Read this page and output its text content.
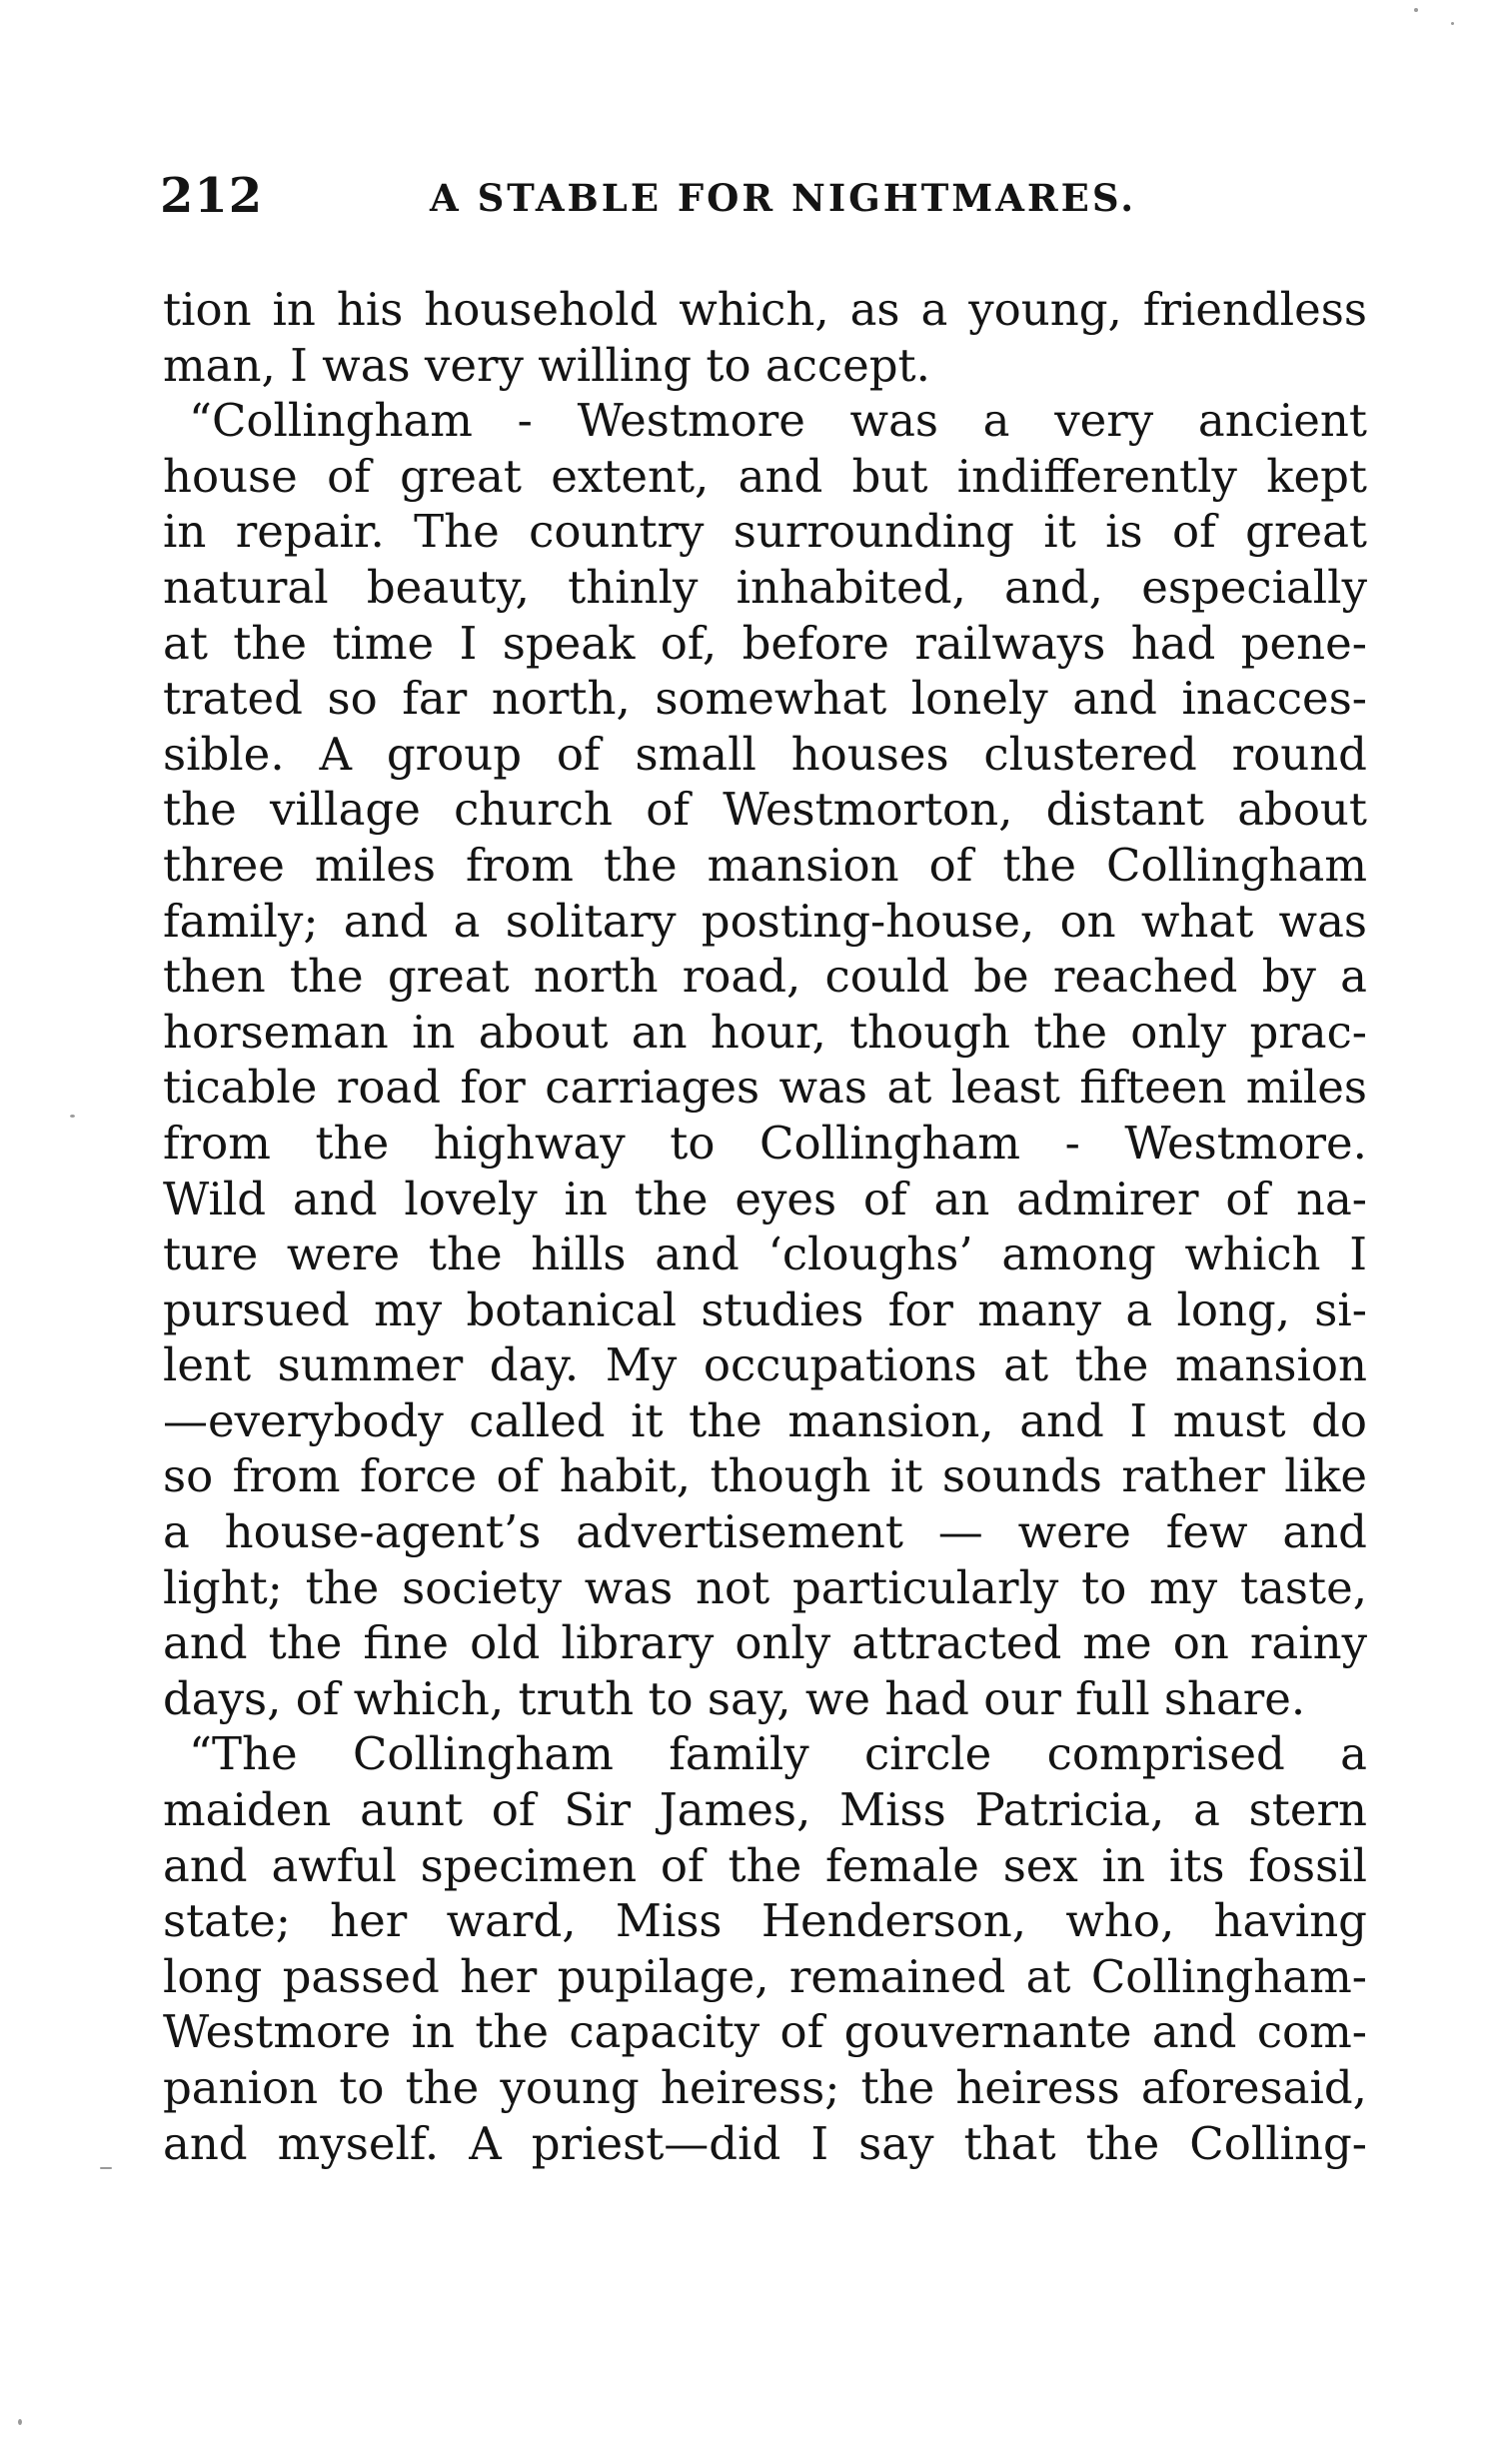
212	A STABLE FOR NIGHTMARES.
tion in his household which, as a young, friendless
man, I was very willing to accept.
“Collingham - Westmore was a very ancient
house of great extent, and but indifferently kept
in repair. The country surrounding it is of great
natural beauty, thinly inhabited, and, especially
at the time I speak of, before railways had pene-
trated so far north, somewhat lonely and inacces-
sible. A group of small houses clustered round
the village church of Westmorton, distant about
three miles from the mansion of the Collingham
family; and a solitary posting-house, on what was
then the great north road, could be reached by a
horseman in about an hour, though the only prac-
ticable road for carriages was at least fifteen miles
from the highway to Collingham - Westmore.
Wild and lovely in the eyes of an admirer of na-
ture were the hills and ‘cloughs’ among which I
pursued my botanical studies for many a long, si-
lent summer day. My occupations at the mansion
—everybody called it the mansion, and I must do
so from force of habit, though it sounds rather like
a house-agent’s advertisement — were few and
light; the society was not particularly to my taste,
and the fine old library only attracted me on rainy
days, of which, truth to say, we had our full share.
“The Collingham family circle comprised a
maiden aunt of Sir James, Miss Patricia, a stern
and awful specimen of the female sex in its fossil
state; her ward, Miss Henderson, who, having
long passed her pupilage, remained at Collingham-
Westmore in the capacity of gouvernante and com-
panion to the young heiress; the heiress aforesaid,
and myself. A priest—did I say that the Colling-
